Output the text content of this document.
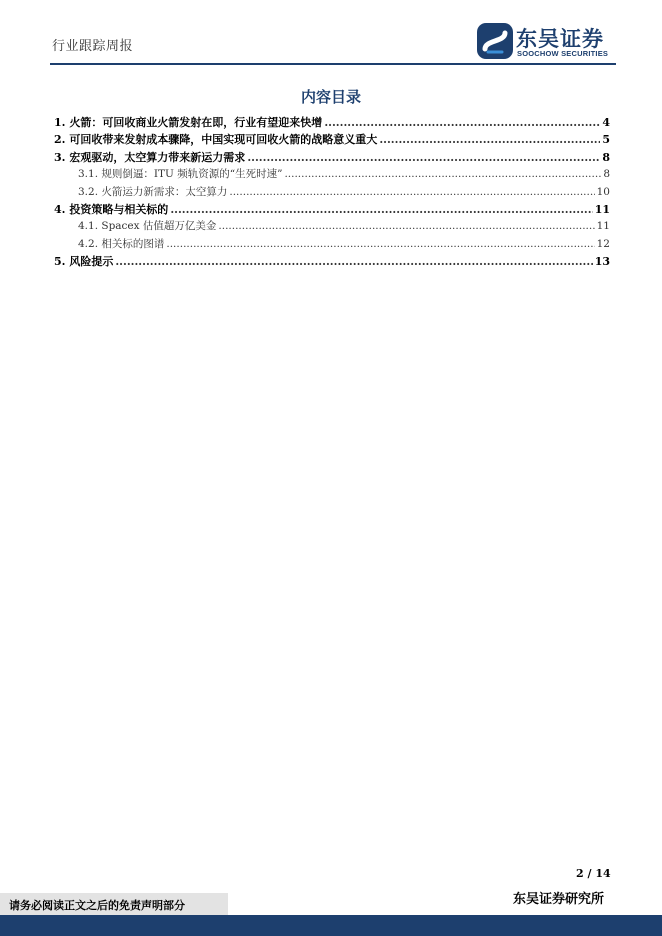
行业跟踪周报	东吴证券
SOOCHOW SECURITIES
内容目录
1. 火箭：可回收商业火箭发射在即，行业有望迎来快增 .....	4
2. 可回收带来发射成本骤降，中国实现可回收火箭的战略意义重大 .....	5
3. 宏观驱动，太空算力带来新运力需求 .....	8
3.1. 规则倒逼：ITU 频轨资源的“生死时速” .....	8
3.2. 火箭运力新需求：太空算力 .....	10
4. 投资策略与相关标的 .....	11
4.1. Spacex 估值超万亿美金 .....	11
4.2. 相关标的图谱 .....	12
5. 风险提示 .....	13
2 / 14
请务必阅读正文之后的免责声明部分	东吴证券研究所
